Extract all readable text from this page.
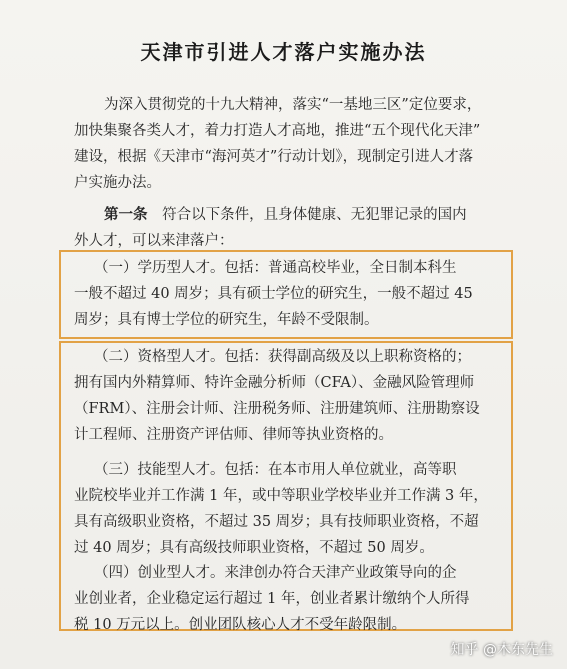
天津市引进人才落户实施办法
为深入贯彻党的十九大精神，落实“一基地三区”定位要求，
加快集聚各类人才，着力打造人才高地，推进“五个现代化天津”
建设，根据《天津市“海河英才”行动计划》，现制定引进人才落
户实施办法。
第一条 符合以下条件，且身体健康、无犯罪记录的国内
外人才，可以来津落户：
（一）学历型人才。包括：普通高校毕业，全日制本科生
一般不超过 40 周岁；具有硕士学位的研究生，一般不超过 45
周岁；具有博士学位的研究生，年龄不受限制。
（二）资格型人才。包括：获得副高级及以上职称资格的；
拥有国内外精算师、特许金融分析师（CFA）、金融风险管理师
（FRM）、注册会计师、注册税务师、注册建筑师、注册勘察设
计工程师、注册资产评估师、律师等执业资格的。
（三）技能型人才。包括：在本市用人单位就业，高等职
业院校毕业并工作满 1 年，或中等职业学校毕业并工作满 3 年，
具有高级职业资格，不超过 35 周岁；具有技师职业资格，不超
过 40 周岁；具有高级技师职业资格，不超过 50 周岁。
（四）创业型人才。来津创办符合天津产业政策导向的企
业创业者，企业稳定运行超过 1 年，创业者累计缴纳个人所得
税 10 万元以上。创业团队核心人才不受年龄限制。
知乎 @木东先生
